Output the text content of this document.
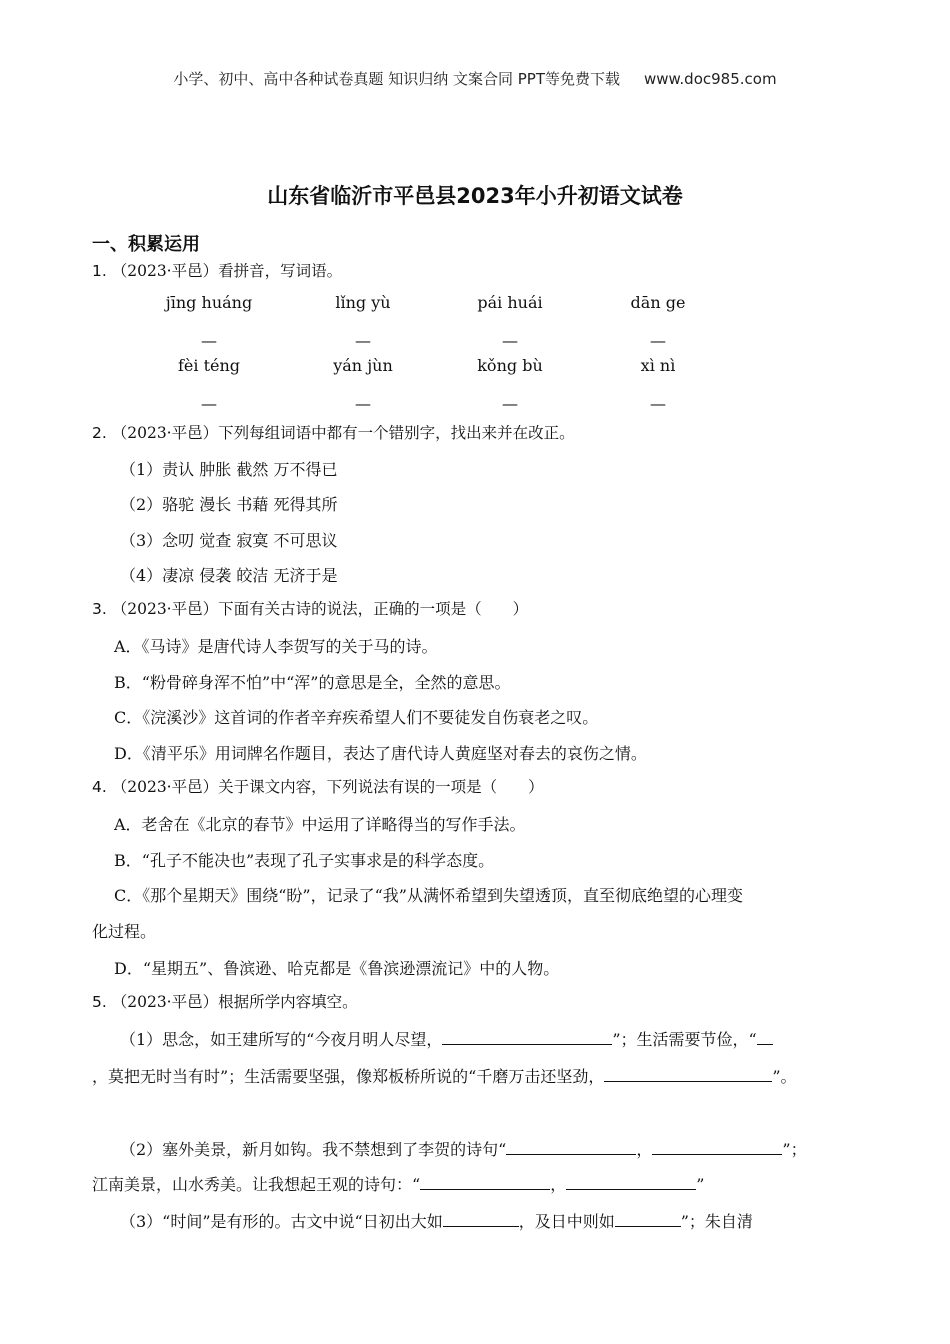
小学、初中、高中各种试卷真题 知识归纳 文案合同 PPT等免费下载 www.doc985.com
山东省临沂市平邑县2023年小升初语文试卷
一、积累运用
1. （2023·平邑）看拼音，写词语。
jīng huáng	lǐng yù	pái huái	dān ge
—	—	—	—
fèi téng	yán jùn	kǒng bù	xì nì
—	—	—	—
2. （2023·平邑）下列每组词语中都有一个错别字，找出来并在改正。
（1）责认 肿胀 截然 万不得已
（2）骆驼 漫长 书藉 死得其所
（3）念叨 觉查 寂寞 不可思议
（4）凄凉 侵袭 皎洁 无济于是
3. （2023·平邑）下面有关古诗的说法，正确的一项是（　　）
A．《马诗》是唐代诗人李贺写的关于马的诗。
B．“粉骨碎身浑不怕”中“浑”的意思是全，全然的意思。
C．《浣溪沙》这首词的作者辛弃疾希望人们不要徒发自伤衰老之叹。
D．《清平乐》用词牌名作题目，表达了唐代诗人黄庭坚对春去的哀伤之情。
4. （2023·平邑）关于课文内容，下列说法有误的一项是（　　）
A．老舍在《北京的春节》中运用了详略得当的写作手法。
B．“孔子不能决也”表现了孔子实事求是的科学态度。
C．《那个星期天》围绕“盼”，记录了“我”从满怀希望到失望透顶，直至彻底绝望的心理变
化过程。
D．“星期五”、鲁滨逊、哈克都是《鲁滨逊漂流记》中的人物。
5. （2023·平邑）根据所学内容填空。
（1）思念，如王建所写的“今夜月明人尽望，	”；生活需要节俭，“
，莫把无时当有时”；生活需要坚强，像郑板桥所说的“千磨万击还坚劲，	”。
（2）塞外美景，新月如钩。我不禁想到了李贺的诗句“	，	”；
江南美景，山水秀美。让我想起王观的诗句：“	，	”
（3）“时间”是有形的。古文中说“日初出大如	，及日中则如	”；朱自清
